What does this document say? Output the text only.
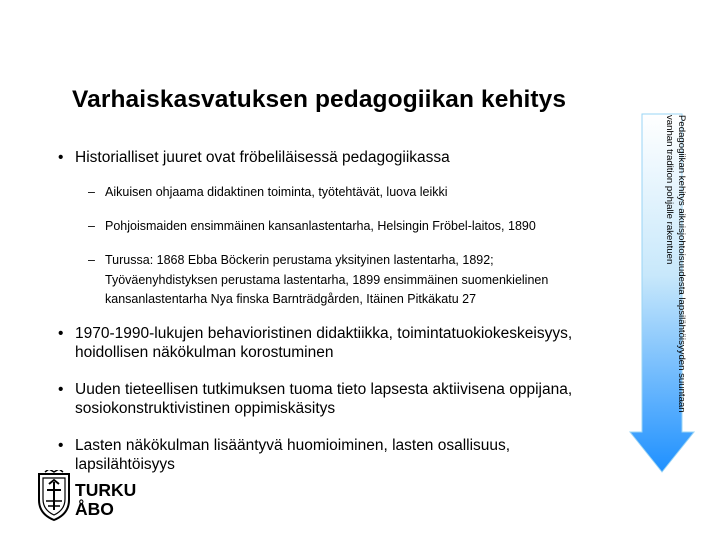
Varhaiskasvatuksen pedagogiikan kehitys
• Historialliset juuret ovat fröbeliläisessä pedagogiikassa
– Aikuisen ohjaama didaktinen toiminta, työtehtävät, luova leikki
– Pohjoismaiden ensimmäinen kansanlastentarha, Helsingin Fröbel-laitos, 1890
– Turussa: 1868 Ebba Böckerin perustama yksityinen lastentarha, 1892; Työväenyhdistyksen perustama lastentarha, 1899 ensimmäinen suomenkielinen kansanlastentarha Nya finska Barnträdgården, Itäinen Pitkäkatu 27
• 1970-1990-lukujen behavioristinen didaktiikka, toimintatuokiokeskeisyys, hoidollisen näkökulman korostuminen
• Uuden tieteellisen tutkimuksen tuoma tieto lapsesta aktiivisena oppijana, sosiokonstruktivistinen oppimiskäsitys
• Lasten näkökulman lisääntyvä huomioiminen, lasten osallisuus, lapsilähtöisyys
Pedagogiikan kehitys aikuisjohtoisuudesta lapsilähtöisyyden suuntaan
vanhan tradition pohjalle rakentuen
TURKU
ÅBO
